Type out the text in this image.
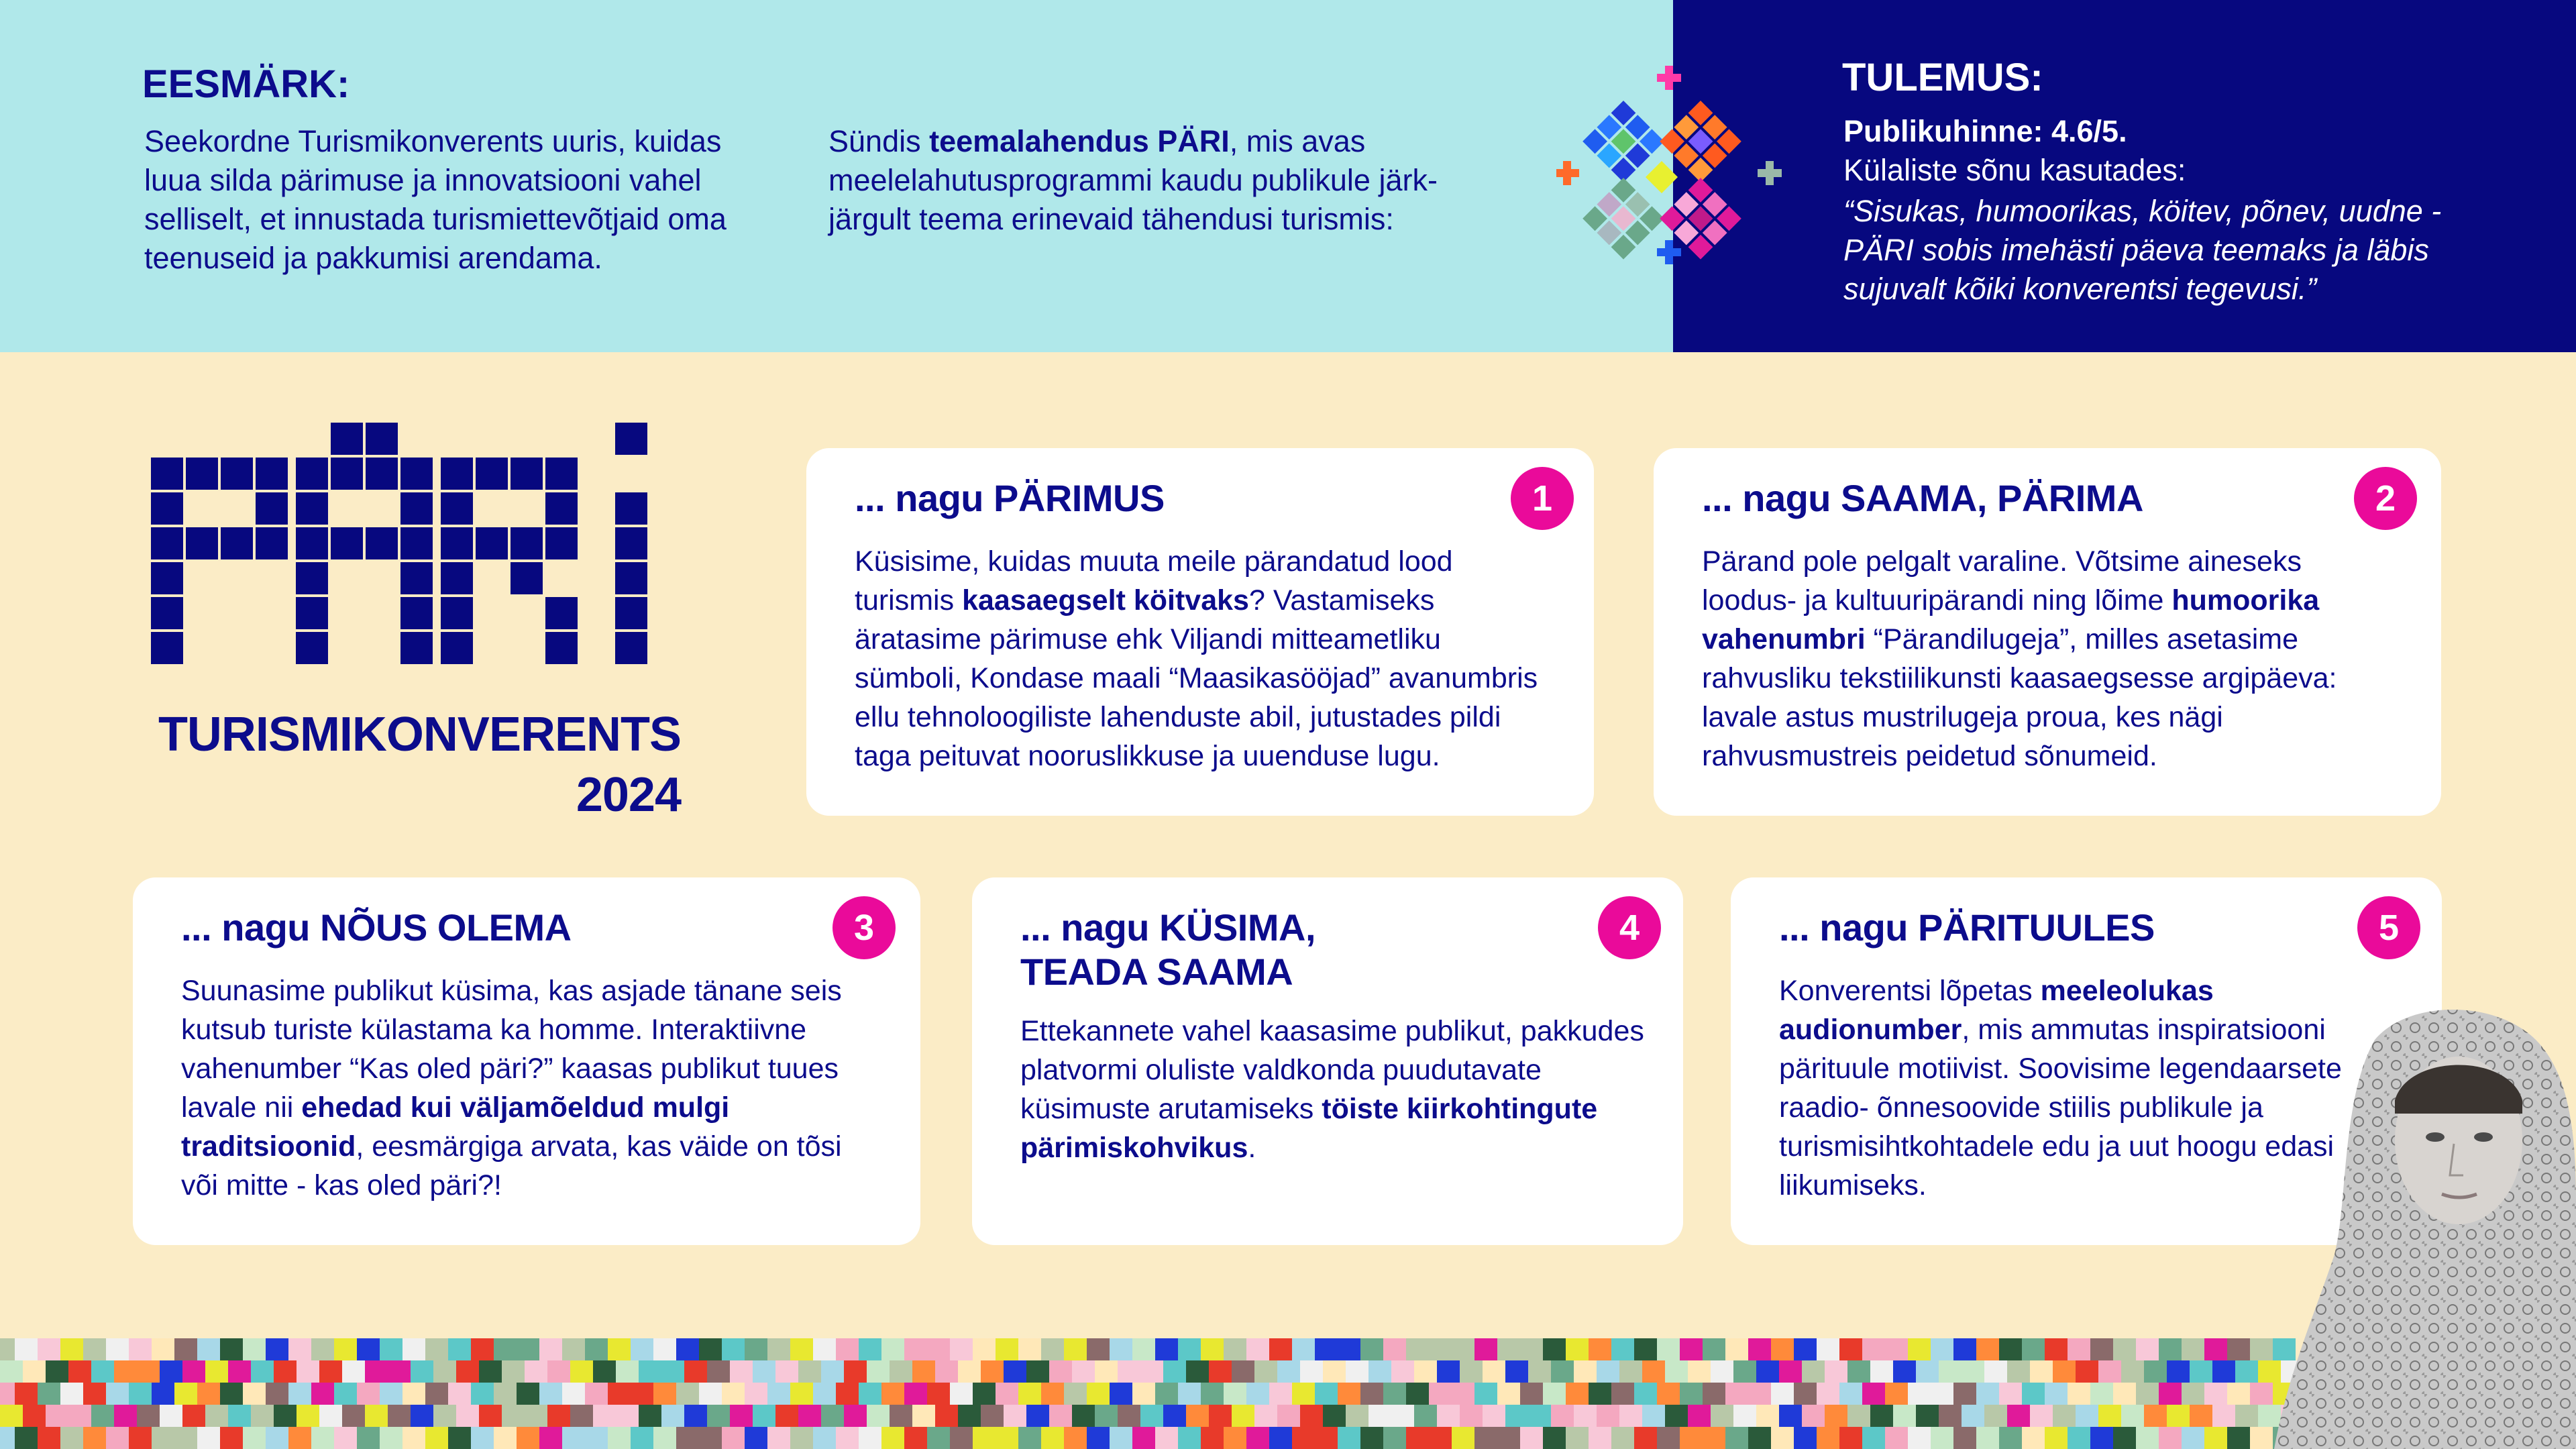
EESMÄRK:
Seekordne Turismikonverents uuris, kuidas luua silda pärimuse ja innovatsiooni vahel selliselt, et innustada turismiettevõtjaid oma teenuseid ja pakkumisi arendama.
Sündis teemalahendus PÄRI, mis avas meelelahutusprogrammi kaudu publikule järk-järgult teema erinevaid tähendusi turismis:
TULEMUS:
Publikuhinne: 4.6/5.
Külaliste sõnu kasutades:
“Sisukas, humoorikas, köitev, põnev, uudne - PÄRI sobis imehästi päeva teemaks ja läbis sujuvalt kõiki konverentsi tegevusi.”
TURISMIKONVERENTS
2024
... nagu PÄRIMUS	1

Küsisime, kuidas muuta meile pärandatud lood turismis kaasaegselt köitvaks? Vastamiseks äratasime pärimuse ehk Viljandi mitteametliku sümboli, Kondase maali “Maasikasööjad” avanumbris ellu tehnoloogiliste lahenduste abil, jutustades pildi taga peituvat nooruslikkuse ja uuenduse lugu.

... nagu SAAMA, PÄRIMA	2

Pärand pole pelgalt varaline. Võtsime aineseks loodus- ja kultuuripärandi ning lõime humoorika vahenumbri “Pärandilugeja”, milles asetasime rahvusliku tekstiilikunsti kaasaegsesse argipäeva: lavale astus mustrilugeja proua, kes nägi rahvusmustreis peidetud sõnumeid.

... nagu NÕUS OLEMA	3

Suunasime publikut küsima, kas asjade tänane seis kutsub turiste külastama ka homme. Interaktiivne vahenumber “Kas oled päri?” kaasas publikut tuues lavale nii ehedad kui väljamõeldud mulgi traditsioonid, eesmärgiga arvata, kas väide on tõsi või mitte - kas oled päri?!

... nagu KÜSIMA,
TEADA SAAMA
4

Ettekannete vahel kaasasime publikut, pakkudes platvormi oluliste valdkonda puudutavate küsimuste arutamiseks töiste kiirkohtingute pärimiskohvikus.

... nagu PÄRITUULES	5

Konverentsi lõpetas meeleolukas audionumber, mis ammutas inspiratsiooni pärituule motiivist. Soovisime legendaarsete raadio- õnnesoovide stiilis publikule ja turismisihtkohtadele edu ja uut hoogu edasi liikumiseks.
